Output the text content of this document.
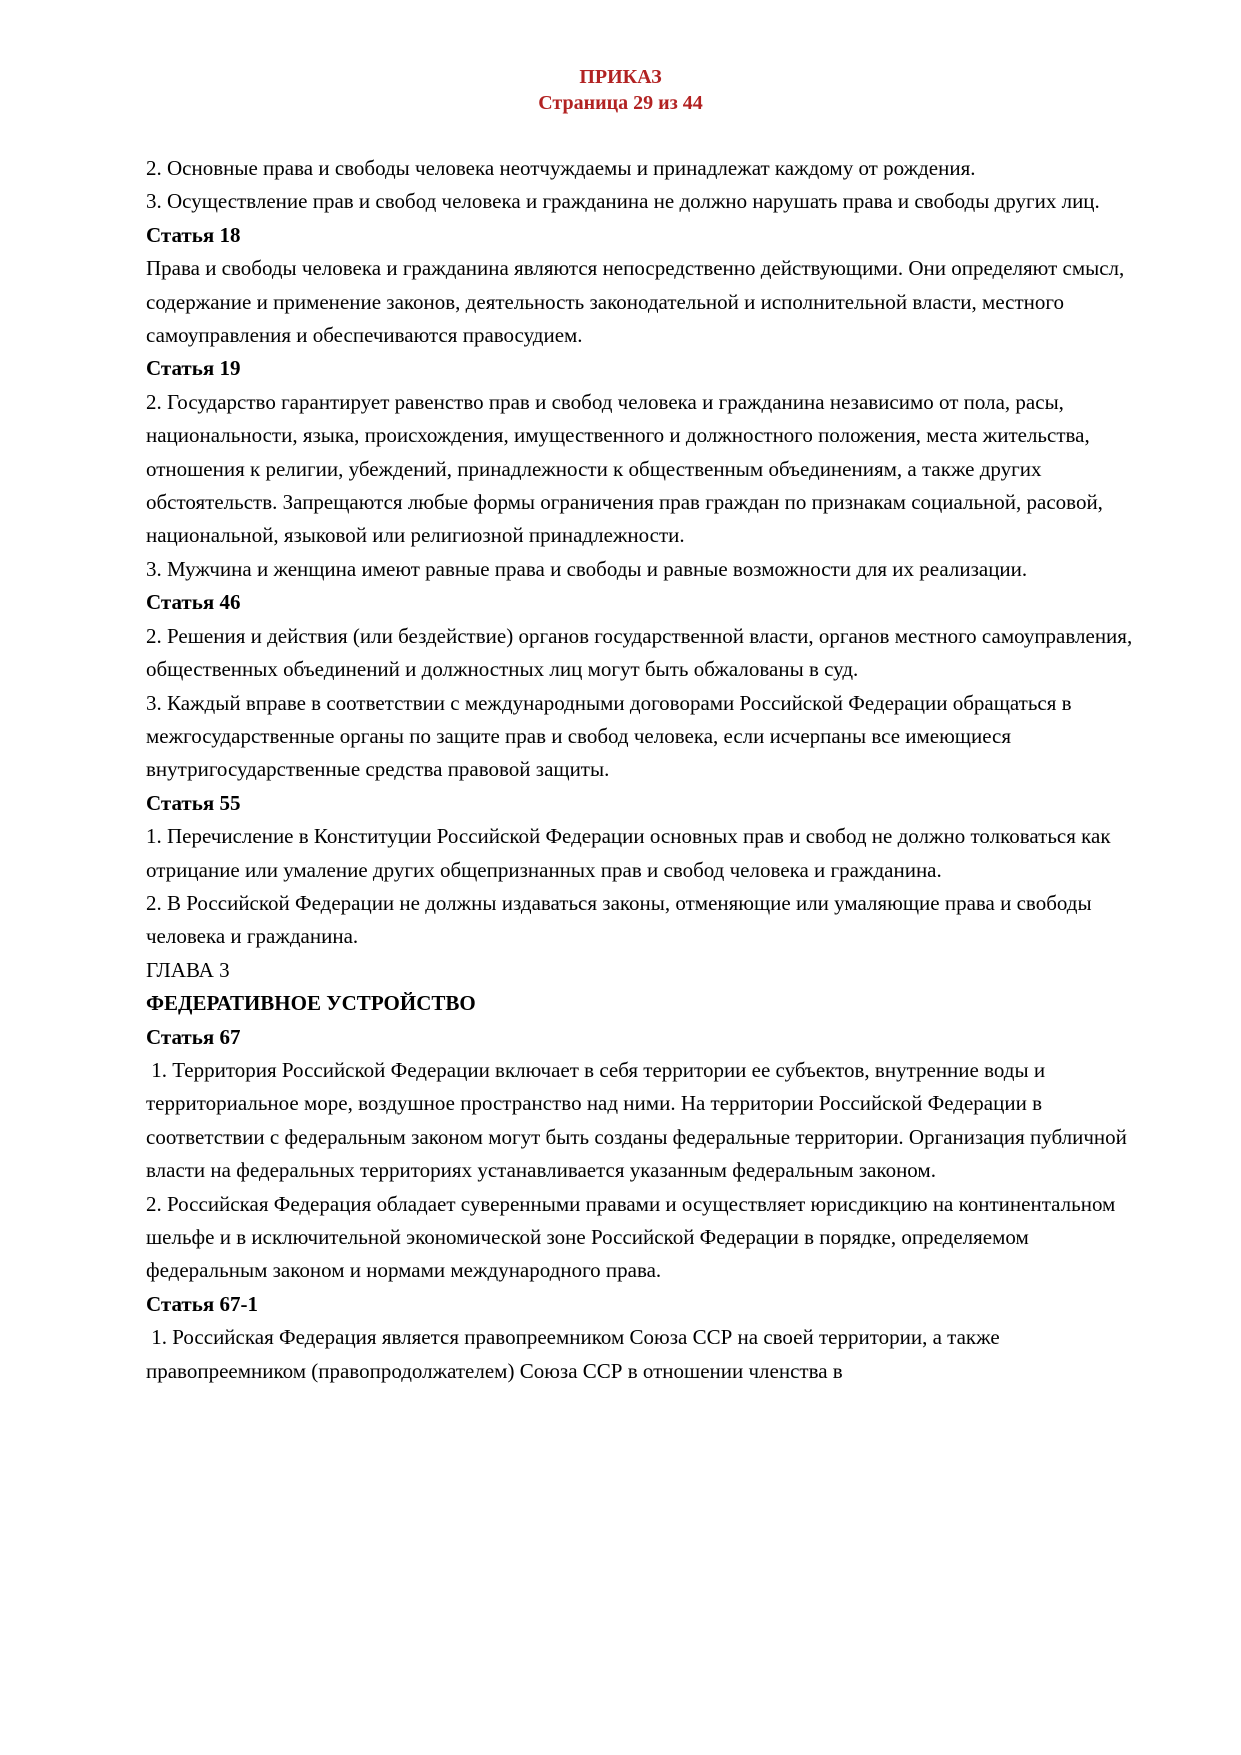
ПРИКАЗ
Страница 29 из 44

2. Основные права и свободы человека неотчуждаемы и принадлежат каждому от рождения.

3. Осуществление прав и свобод человека и гражданина не должно нарушать права и свободы других лиц.

Статья 18

Права и свободы человека и гражданина являются непосредственно действующими. Они определяют смысл, содержание и применение законов, деятельность законодательной и исполнительной власти, местного самоуправления и обеспечиваются правосудием.

Статья 19

2. Государство гарантирует равенство прав и свобод человека и гражданина независимо от пола, расы, национальности, языка, происхождения, имущественного и должностного положения, места жительства, отношения к религии, убеждений, принадлежности к общественным объединениям, а также других обстоятельств. Запрещаются любые формы ограничения прав граждан по признакам социальной, расовой, национальной, языковой или религиозной принадлежности.

3. Мужчина и женщина имеют равные права и свободы и равные возможности для их реализации.

Статья 46

2. Решения и действия (или бездействие) органов государственной власти, органов местного самоуправления, общественных объединений и должностных лиц могут быть обжалованы в суд.

3. Каждый вправе в соответствии с международными договорами Российской Федерации обращаться в межгосударственные органы по защите прав и свобод человека, если исчерпаны все имеющиеся внутригосударственные средства правовой защиты.

Статья 55

1. Перечисление в Конституции Российской Федерации основных прав и свобод не должно толковаться как отрицание или умаление других общепризнанных прав и свобод человека и гражданина.

2. В Российской Федерации не должны издаваться законы, отменяющие или умаляющие права и свободы человека и гражданина.

ГЛАВА 3

ФЕДЕРАТИВНОЕ УСТРОЙСТВО

Статья 67

1. Территория Российской Федерации включает в себя территории ее субъектов, внутренние воды и территориальное море, воздушное пространство над ними. На территории Российской Федерации в соответствии с федеральным законом могут быть созданы федеральные территории. Организация публичной власти на федеральных территориях устанавливается указанным федеральным законом.

2. Российская Федерация обладает суверенными правами и осуществляет юрисдикцию на континентальном шельфе и в исключительной экономической зоне Российской Федерации в порядке, определяемом федеральным законом и нормами международного права.

Статья 67-1

1. Российская Федерация является правопреемником Союза ССР на своей территории, а также правопреемником (правопродолжателем) Союза ССР в отношении членства в
